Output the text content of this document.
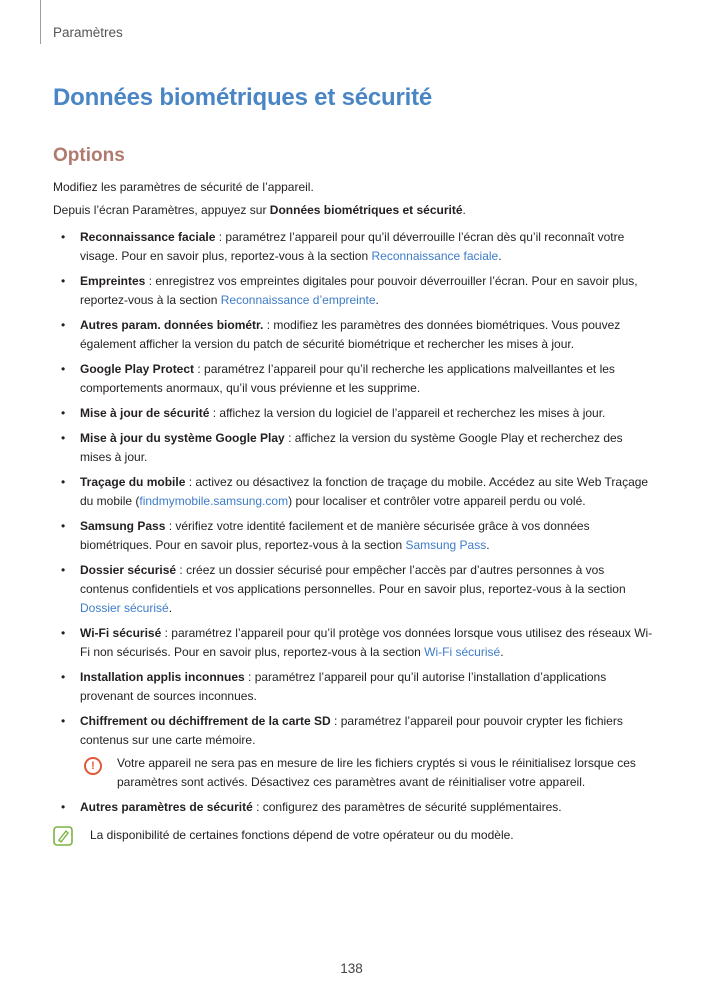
Paramètres
Données biométriques et sécurité
Options

Modifiez les paramètres de sécurité de l’appareil.

Depuis l’écran Paramètres, appuyez sur Données biométriques et sécurité.

• Reconnaissance faciale : paramétrez l’appareil pour qu’il déverrouille l’écran dès qu’il reconnaît votre visage. Pour en savoir plus, reportez-vous à la section Reconnaissance faciale.
• Empreintes : enregistrez vos empreintes digitales pour pouvoir déverrouiller l’écran. Pour en savoir plus, reportez-vous à la section Reconnaissance d’empreinte.
• Autres param. données biométr. : modifiez les paramètres des données biométriques. Vous pouvez également afficher la version du patch de sécurité biométrique et rechercher les mises à jour.
• Google Play Protect : paramétrez l’appareil pour qu’il recherche les applications malveillantes et les comportements anormaux, qu’il vous prévienne et les supprime.
• Mise à jour de sécurité : affichez la version du logiciel de l’appareil et recherchez les mises à jour.
• Mise à jour du système Google Play : affichez la version du système Google Play et recherchez des mises à jour.
• Traçage du mobile : activez ou désactivez la fonction de traçage du mobile. Accédez au site Web Traçage du mobile (findmymobile.samsung.com) pour localiser et contrôler votre appareil perdu ou volé.
• Samsung Pass : vérifiez votre identité facilement et de manière sécurisée grâce à vos données biométriques. Pour en savoir plus, reportez-vous à la section Samsung Pass.
• Dossier sécurisé : créez un dossier sécurisé pour empêcher l’accès par d’autres personnes à vos contenus confidentiels et vos applications personnelles. Pour en savoir plus, reportez-vous à la section Dossier sécurisé.
• Wi-Fi sécurisé : paramétrez l’appareil pour qu’il protège vos données lorsque vous utilisez des réseaux Wi-Fi non sécurisés. Pour en savoir plus, reportez-vous à la section Wi-Fi sécurisé.
• Installation applis inconnues : paramétrez l’appareil pour qu’il autorise l’installation d’applications provenant de sources inconnues.
• Chiffrement ou déchiffrement de la carte SD : paramétrez l’appareil pour pouvoir crypter les fichiers contenus sur une carte mémoire.
!	Votre appareil ne sera pas en mesure de lire les fichiers cryptés si vous le réinitialisez lorsque ces paramètres sont activés. Désactivez ces paramètres avant de réinitialiser votre appareil.
• Autres paramètres de sécurité : configurez des paramètres de sécurité supplémentaires.
La disponibilité de certaines fonctions dépend de votre opérateur ou du modèle.
138
